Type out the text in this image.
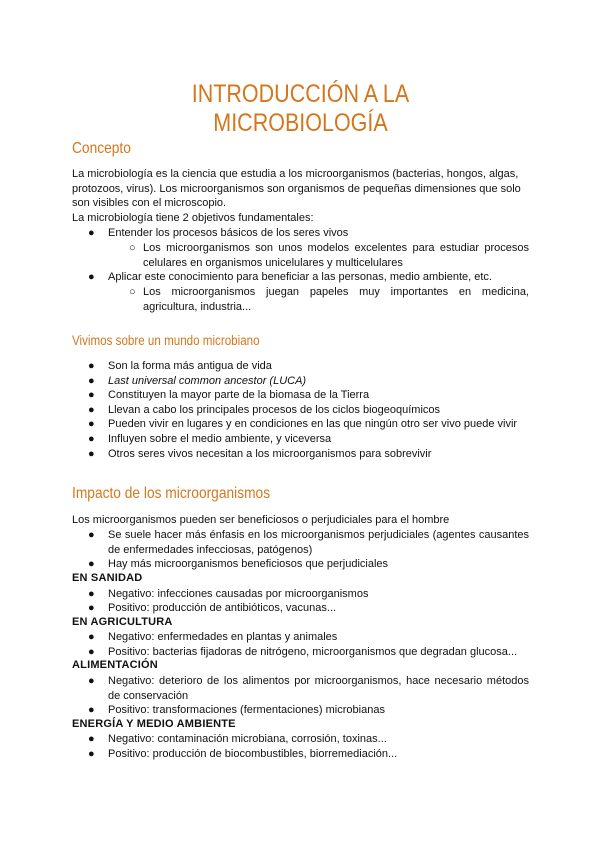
INTRODUCCIÓN A LA MICROBIOLOGÍA
Concepto
La microbiología es la ciencia que estudia a los microorganismos (bacterias, hongos, algas,
protozoos, virus). Los microorganismos son organismos de pequeñas dimensiones que solo
son visibles con el microscopio.
La microbiología tiene 2 objetivos fundamentales:
● Entender los procesos básicos de los seres vivos
○ Los microorganismos son unos modelos excelentes para estudiar procesos celulares en organismos unicelulares y multicelulares
● Aplicar este conocimiento para beneficiar a las personas, medio ambiente, etc.
○ Los microorganismos juegan papeles muy importantes en medicina, agricultura, industria...
Vivimos sobre un mundo microbiano
● Son la forma más antigua de vida
● Last universal common ancestor (LUCA)
● Constituyen la mayor parte de la biomasa de la Tierra
● Llevan a cabo los principales procesos de los ciclos biogeoquímicos
● Pueden vivir en lugares y en condiciones en las que ningún otro ser vivo puede vivir
● Influyen sobre el medio ambiente, y viceversa
● Otros seres vivos necesitan a los microorganismos para sobrevivir
Impacto de los microorganismos
Los microorganismos pueden ser beneficiosos o perjudiciales para el hombre
● Se suele hacer más énfasis en los microorganismos perjudiciales (agentes causantes de enfermedades infecciosas, patógenos)
● Hay más microorganismos beneficiosos que perjudiciales
EN SANIDAD
● Negativo: infecciones causadas por microorganismos
● Positivo: producción de antibióticos, vacunas...
EN AGRICULTURA
● Negativo: enfermedades en plantas y animales
● Positivo: bacterias fijadoras de nitrógeno, microorganismos que degradan glucosa...
ALIMENTACIÓN
● Negativo: deterioro de los alimentos por microorganismos, hace necesario métodos de conservación
● Positivo: transformaciones (fermentaciones) microbianas
ENERGÍA Y MEDIO AMBIENTE
● Negativo: contaminación microbiana, corrosión, toxinas...
● Positivo: producción de biocombustibles, biorremediación...
